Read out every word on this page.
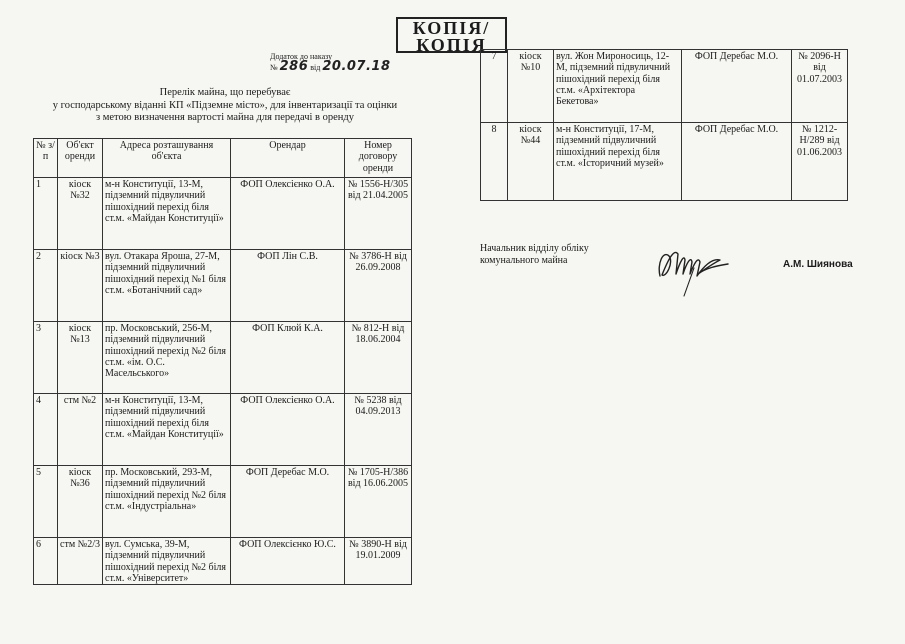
КОПІЯ/
КОПІЯ
Додаток до наказу
№ 286 від 20.07.18
Перелік майна, що перебуває
у господарському віданні КП «Підземне місто», для інвентаризації та оцінки
з метою визначення вартості майна для передачі в оренду
№ з/п	Об'єкт оренди	Адреса розташування об'єкта	Орендар	Номер договору оренди
1	кіоск №32	м-н Конституції, 13-М, підземний підвуличний пішохідний перехід біля ст.м. «Майдан Конституції»	ФОП Олексієнко О.А.	№ 1556-Н/305 від 21.04.2005
2	кіоск №3	вул. Отакара Яроша, 27-М, підземний підвуличний пішохідний перехід №1 біля ст.м. «Ботанічний сад»	ФОП Лін С.В.	№ 3786-Н від 26.09.2008
3	кіоск №13	пр. Московський, 256-М, підземний підвуличний пішохідний перехід №2 біля ст.м. «ім. О.С. Масельського»	ФОП Клюй К.А.	№ 812-Н від 18.06.2004
4	стм №2	м-н Конституції, 13-М, підземний підвуличний пішохідний перехід біля ст.м. «Майдан Конституції»	ФОП Олексієнко О.А.	№ 5238 від 04.09.2013
5	кіоск №36	пр. Московський, 293-М, підземний підвуличний пішохідний перехід №2 біля ст.м. «Індустріальна»	ФОП Деребас М.О.	№ 1705-Н/386 від 16.06.2005
6	стм №2/3	вул. Сумська, 39-М, підземний підвуличний пішохідний перехід №2 біля ст.м. «Університет»	ФОП Олексієнко Ю.С.	№ 3890-Н від 19.01.2009
7	кіоск №10	вул. Жон Мироносиць, 12-М, підземний підвуличний пішохідний перехід біля ст.м. «Архітектора Бекетова»	ФОП Деребас М.О.	№ 2096-Н від 01.07.2003
8	кіоск №44	м-н Конституції, 17-М, підземний підвуличний пішохідний перехід біля ст.м. «Історичний музей»	ФОП Деребас М.О.	№ 1212-Н/289 від 01.06.2003
Начальник відділу обліку
комунального майна	А.М. Шиянова
